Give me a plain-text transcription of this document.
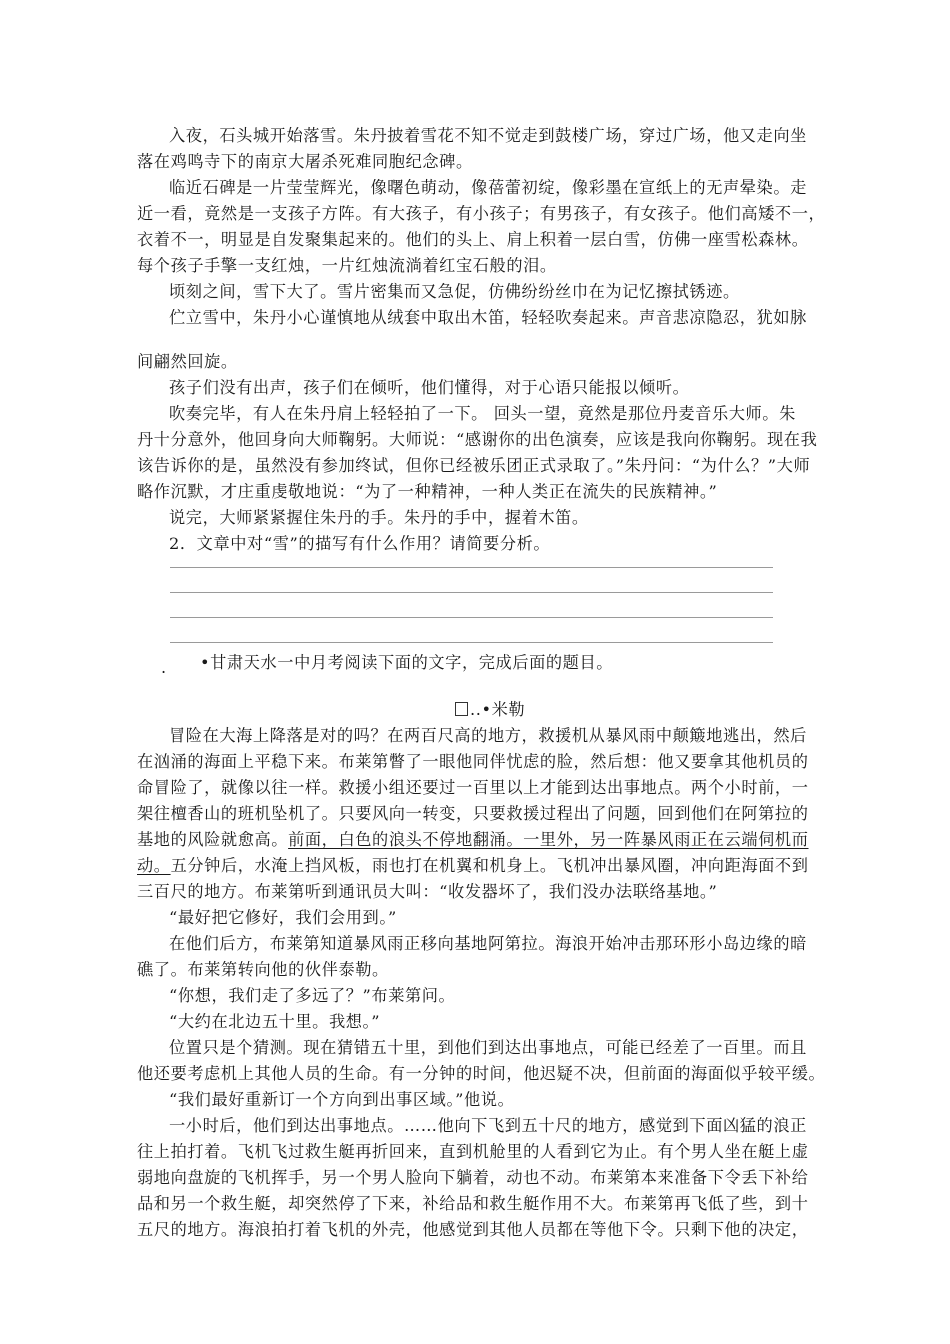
入夜，石头城开始落雪。朱丹披着雪花不知不觉走到鼓楼广场，穿过广场，他又走向坐
落在鸡鸣寺下的南京大屠杀死难同胞纪念碑。
临近石碑是一片莹莹辉光，像曙色萌动，像蓓蕾初绽，像彩墨在宣纸上的无声晕染。走
近一看，竟然是一支孩子方阵。有大孩子，有小孩子；有男孩子，有女孩子。他们高矮不一，
衣着不一，明显是自发聚集起来的。他们的头上、肩上积着一层白雪，仿佛一座雪松森林。
每个孩子手擎一支红烛，一片红烛流淌着红宝石般的泪。
顷刻之间，雪下大了。雪片密集而又急促，仿佛纷纷丝巾在为记忆擦拭锈迹。
伫立雪中，朱丹小心谨慎地从绒套中取出木笛，轻轻吹奏起来。声音悲凉隐忍，犹如脉
间翩然回旋。
孩子们没有出声，孩子们在倾听，他们懂得，对于心语只能报以倾听。
吹奏完毕，有人在朱丹肩上轻轻拍了一下。 回头一望，竟然是那位丹麦音乐大师。朱
丹十分意外，他回身向大师鞠躬。大师说：“感谢你的出色演奏，应该是我向你鞠躬。现在我
该告诉你的是，虽然没有参加终试，但你已经被乐团正式录取了。”朱丹问：“为什么？”大师
略作沉默，才庄重虔敬地说：“为了一种精神，一种人类正在流失的民族精神。”
说完，大师紧紧握住朱丹的手。朱丹的手中，握着木笛。
2．文章中对“雪”的描写有什么作用？请简要分析。
. •甘肃天水一中月考阅读下面的文字，完成后面的题目。
..•米勒
冒险在大海上降落是对的吗？在两百尺高的地方，救援机从暴风雨中颠簸地逃出，然后
在汹涌的海面上平稳下来。布莱第瞥了一眼他同伴忧虑的脸，然后想：他又要拿其他机员的
命冒险了，就像以往一样。救援小组还要过一百里以上才能到达出事地点。两个小时前，一
架往檀香山的班机坠机了。只要风向一转变，只要救援过程出了问题，回到他们在阿第拉的
基地的风险就愈高。前面，白色的浪头不停地翻涌。一里外，另一阵暴风雨正在云端伺机而
动。五分钟后，水淹上挡风板，雨也打在机翼和机身上。飞机冲出暴风圈，冲向距海面不到
三百尺的地方。布莱第听到通讯员大叫：“收发器坏了，我们没办法联络基地。”
“最好把它修好，我们会用到。”
在他们后方，布莱第知道暴风雨正移向基地阿第拉。海浪开始冲击那环形小岛边缘的暗
礁了。布莱第转向他的伙伴泰勒。
“你想，我们走了多远了？”布莱第问。
“大约在北边五十里。我想。”
位置只是个猜测。现在猜错五十里，到他们到达出事地点，可能已经差了一百里。而且
他还要考虑机上其他人员的生命。有一分钟的时间，他迟疑不决，但前面的海面似乎较平缓。
“我们最好重新订一个方向到出事区域。”他说。
一小时后，他们到达出事地点。……他向下飞到五十尺的地方，感觉到下面凶猛的浪正
往上拍打着。飞机飞过救生艇再折回来，直到机舱里的人看到它为止。有个男人坐在艇上虚
弱地向盘旋的飞机挥手，另一个男人脸向下躺着，动也不动。布莱第本来准备下令丢下补给
品和另一个救生艇，却突然停了下来，补给品和救生艇作用不大。布莱第再飞低了些，到十
五尺的地方。海浪拍打着飞机的外壳，他感觉到其他人员都在等他下令。只剩下他的决定，
